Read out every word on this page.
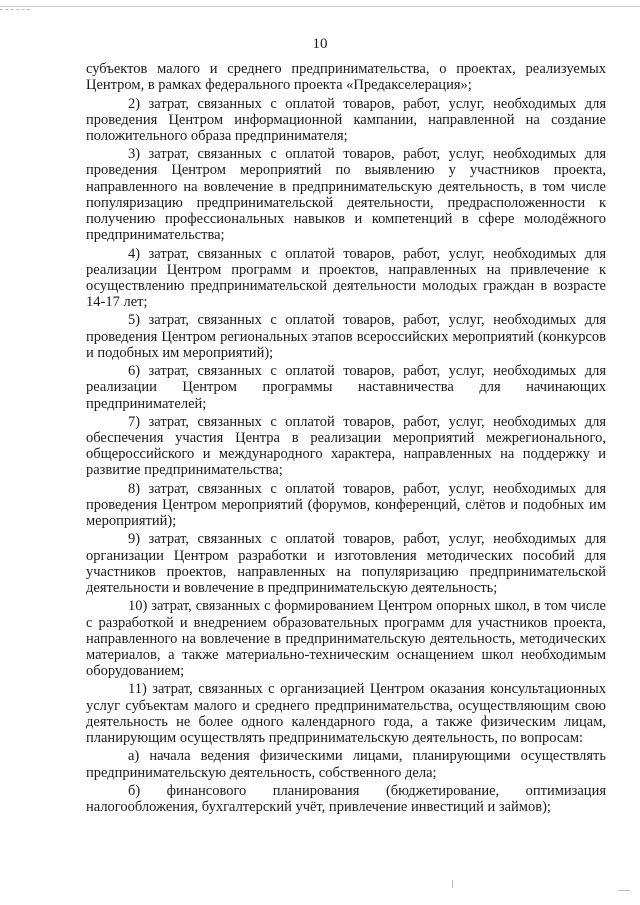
10

субъектов малого и среднего предпринимательства, о проектах, реализуемых Центром, в рамках федерального проекта «Предакселерация»;

2) затрат, связанных с оплатой товаров, работ, услуг, необходимых для проведения Центром информационной кампании, направленной на создание положительного образа предпринимателя;

3) затрат, связанных с оплатой товаров, работ, услуг, необходимых для проведения Центром мероприятий по выявлению у участников проекта, направленного на вовлечение в предпринимательскую деятельность, в том числе популяризацию предпринимательской деятельности, предрасположенности к получению профессиональных навыков и компетенций в сфере молодёжного предпринимательства;

4) затрат, связанных с оплатой товаров, работ, услуг, необходимых для реализации Центром программ и проектов, направленных на привлечение к осуществлению предпринимательской деятельности молодых граждан в возрасте 14-17 лет;

5) затрат, связанных с оплатой товаров, работ, услуг, необходимых для проведения Центром региональных этапов всероссийских мероприятий (конкурсов и подобных им мероприятий);

6) затрат, связанных с оплатой товаров, работ, услуг, необходимых для реализации Центром программы наставничества для начинающих предпринимателей;

7) затрат, связанных с оплатой товаров, работ, услуг, необходимых для обеспечения участия Центра в реализации мероприятий межрегионального, общероссийского и международного характера, направленных на поддержку и развитие предпринимательства;

8) затрат, связанных с оплатой товаров, работ, услуг, необходимых для проведения Центром мероприятий (форумов, конференций, слётов и подобных им мероприятий);

9) затрат, связанных с оплатой товаров, работ, услуг, необходимых для организации Центром разработки и изготовления методических пособий для участников проектов, направленных на популяризацию предпринимательской деятельности и вовлечение в предпринимательскую деятельность;

10) затрат, связанных с формированием Центром опорных школ, в том числе с разработкой и внедрением образовательных программ для участников проекта, направленного на вовлечение в предпринимательскую деятельность, методических материалов, а также материально-техническим оснащением школ необходимым оборудованием;

11) затрат, связанных с организацией Центром оказания консультационных услуг субъектам малого и среднего предпринимательства, осуществляющим свою деятельность не более одного календарного года, а также физическим лицам, планирующим осуществлять предпринимательскую деятельность, по вопросам:

а) начала ведения физическими лицами, планирующими осуществлять предпринимательскую деятельность, собственного дела;

б) финансового планирования (бюджетирование, оптимизация налогообложения, бухгалтерский учёт, привлечение инвестиций и займов);
